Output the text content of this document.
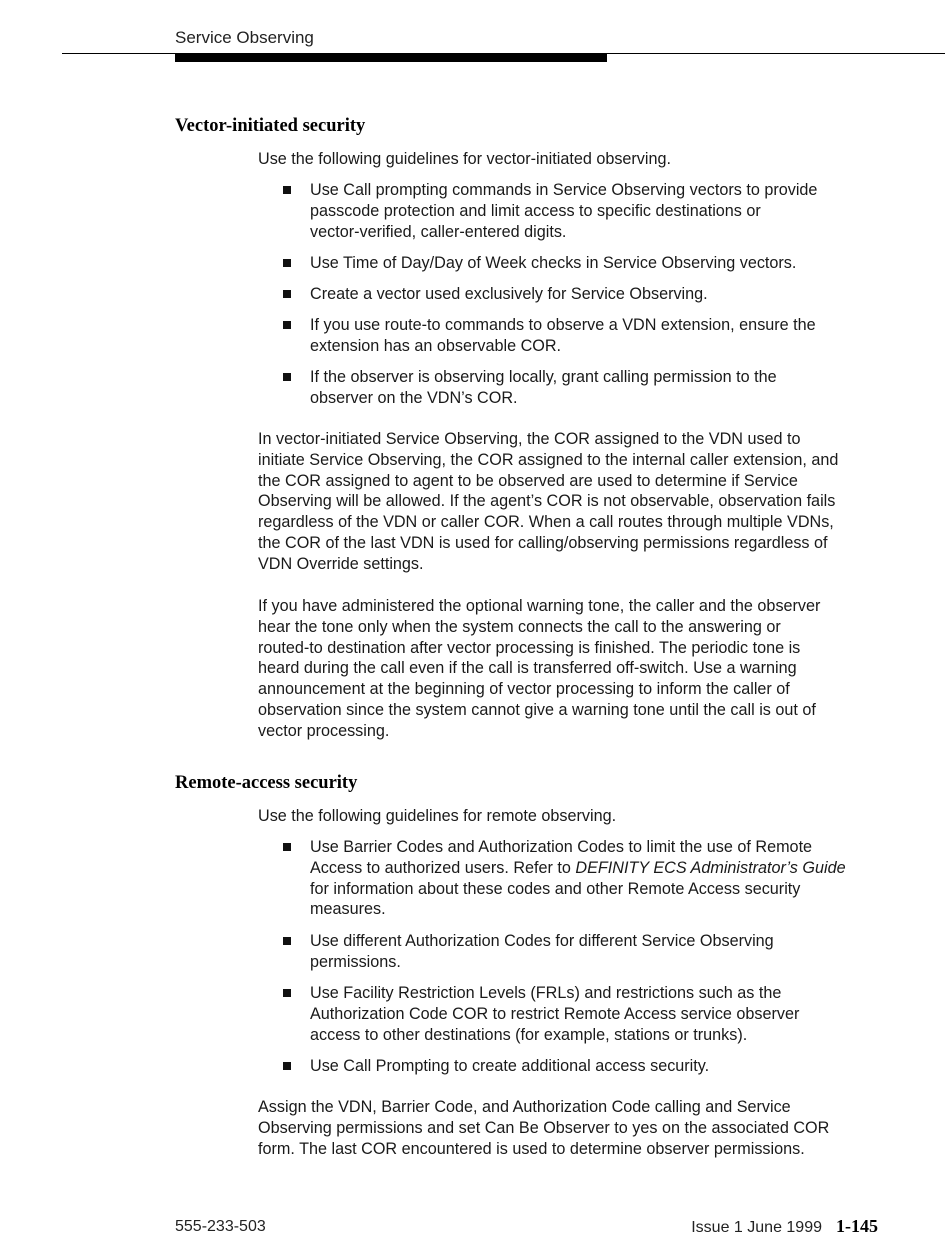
Service Observing
Vector-initiated security
Use the following guidelines for vector-initiated observing.
Use Call prompting commands in Service Observing vectors to provide
passcode protection and limit access to specific destinations or
vector-verified, caller-entered digits.
Use Time of Day/Day of Week checks in Service Observing vectors.
Create a vector used exclusively for Service Observing.
If you use route-to commands to observe a VDN extension, ensure the
extension has an observable COR.
If the observer is observing locally, grant calling permission to the
observer on the VDN’s COR.
In vector-initiated Service Observing, the COR assigned to the VDN used to
initiate Service Observing, the COR assigned to the internal caller extension, and
the COR assigned to agent to be observed are used to determine if Service
Observing will be allowed. If the agent’s COR is not observable, observation fails
regardless of the VDN or caller COR. When a call routes through multiple VDNs,
the COR of the last VDN is used for calling/observing permissions regardless of
VDN Override settings.
If you have administered the optional warning tone, the caller and the observer
hear the tone only when the system connects the call to the answering or
routed-to destination after vector processing is finished. The periodic tone is
heard during the call even if the call is transferred off-switch. Use a warning
announcement at the beginning of vector processing to inform the caller of
observation since the system cannot give a warning tone until the call is out of
vector processing.
Remote-access security
Use the following guidelines for remote observing.
Use Barrier Codes and Authorization Codes to limit the use of Remote
Access to authorized users. Refer to DEFINITY ECS Administrator’s Guide
for information about these codes and other Remote Access security
measures.
Use different Authorization Codes for different Service Observing
permissions.
Use Facility Restriction Levels (FRLs) and restrictions such as the
Authorization Code COR to restrict Remote Access service observer
access to other destinations (for example, stations or trunks).
Use Call Prompting to create additional access security.
Assign the VDN, Barrier Code, and Authorization Code calling and Service
Observing permissions and set Can Be Observer to yes on the associated COR
form. The last COR encountered is used to determine observer permissions.
555-233-503	Issue 1 June 1999 1-145
